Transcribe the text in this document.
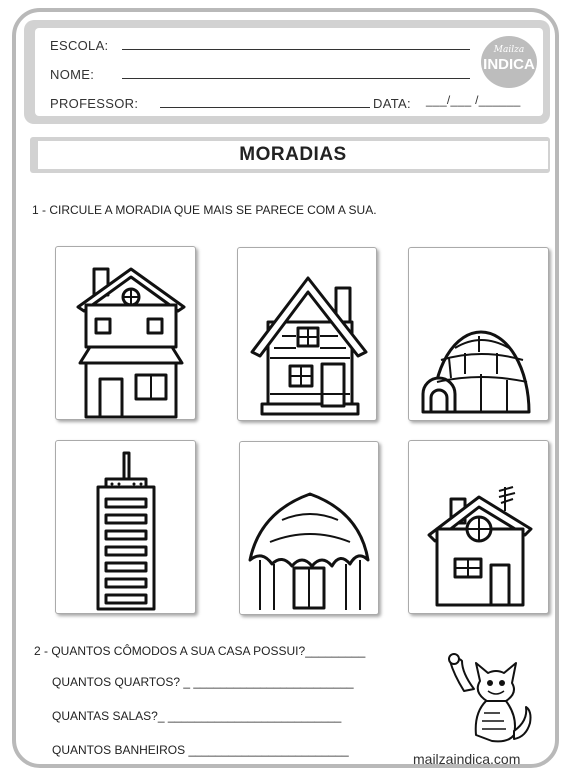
ESCOLA:
NOME:
PROFESSOR:	DATA: ___/___ /______
Mailza
INDICA
MORADIAS
1 - CIRCULE A MORADIA QUE MAIS SE PARECE COM A SUA.
2 - QUANTOS CÔMODOS A SUA CASA POSSUI?_________
QUANTOS QUARTOS? _ ________________________
QUANTAS SALAS?_ __________________________
QUANTOS BANHEIROS ________________________
mailzaindica.com
